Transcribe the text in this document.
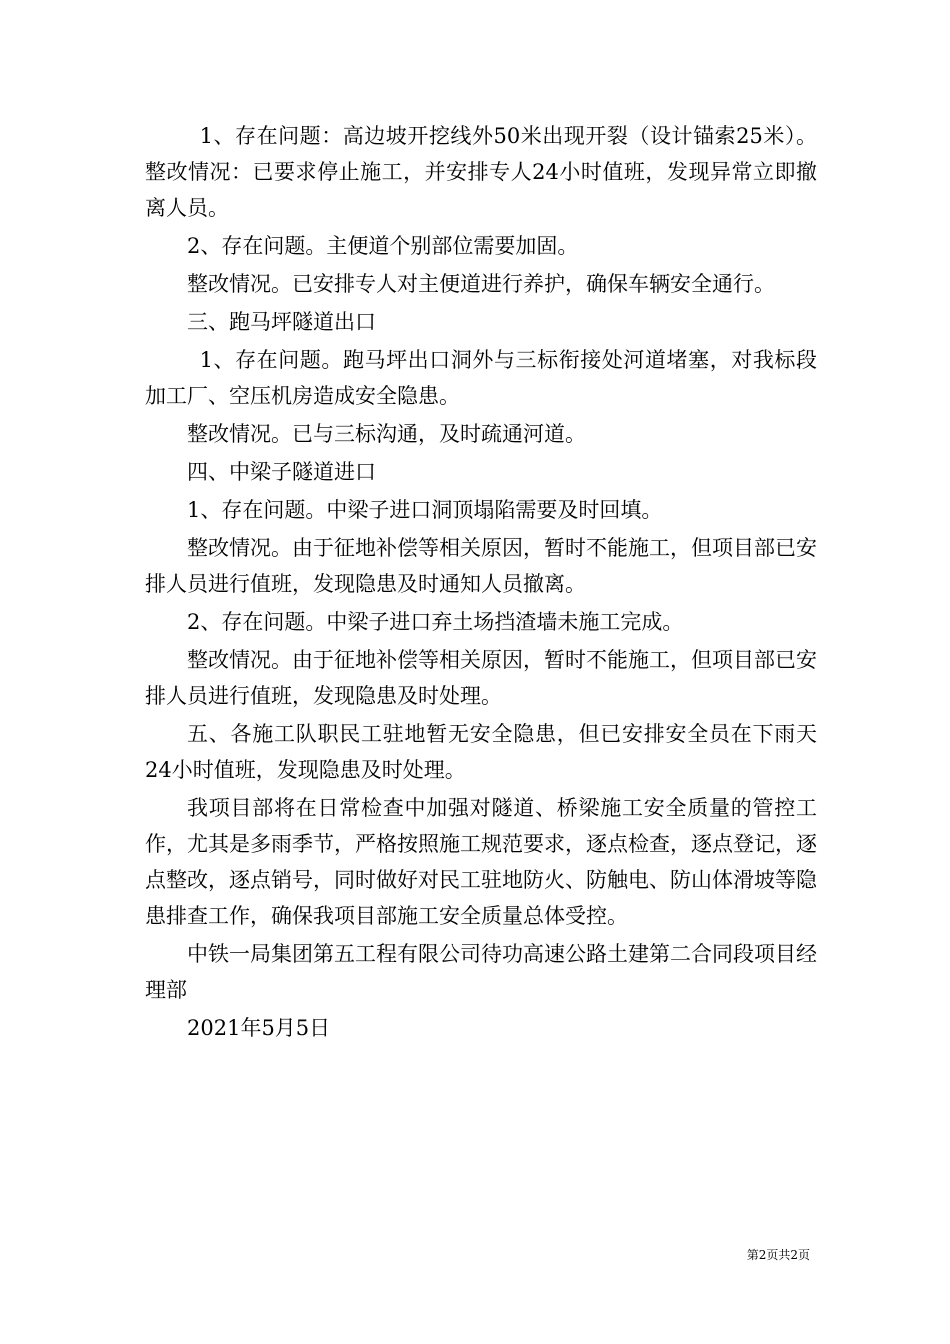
1、存在问题：高边坡开挖线外50米出现开裂（设计锚索25米）。整改情况：已要求停止施工，并安排专人24小时值班，发现异常立即撤离人员。

2、存在问题。主便道个别部位需要加固。

整改情况。已安排专人对主便道进行养护，确保车辆安全通行。

三、跑马坪隧道出口

1、存在问题。跑马坪出口洞外与三标衔接处河道堵塞，对我标段加工厂、空压机房造成安全隐患。

整改情况。已与三标沟通，及时疏通河道。

四、中梁子隧道进口

1、存在问题。中梁子进口洞顶塌陷需要及时回填。

整改情况。由于征地补偿等相关原因，暂时不能施工，但项目部已安排人员进行值班，发现隐患及时通知人员撤离。

2、存在问题。中梁子进口弃土场挡渣墙未施工完成。

整改情况。由于征地补偿等相关原因，暂时不能施工，但项目部已安排人员进行值班，发现隐患及时处理。

五、各施工队职民工驻地暂无安全隐患，但已安排安全员在下雨天24小时值班，发现隐患及时处理。

我项目部将在日常检查中加强对隧道、桥梁施工安全质量的管控工作，尤其是多雨季节，严格按照施工规范要求，逐点检查，逐点登记，逐点整改，逐点销号，同时做好对民工驻地防火、防触电、防山体滑坡等隐患排查工作，确保我项目部施工安全质量总体受控。

中铁一局集团第五工程有限公司待功高速公路土建第二合同段项目经理部

2021年5月5日

第2页共2页
